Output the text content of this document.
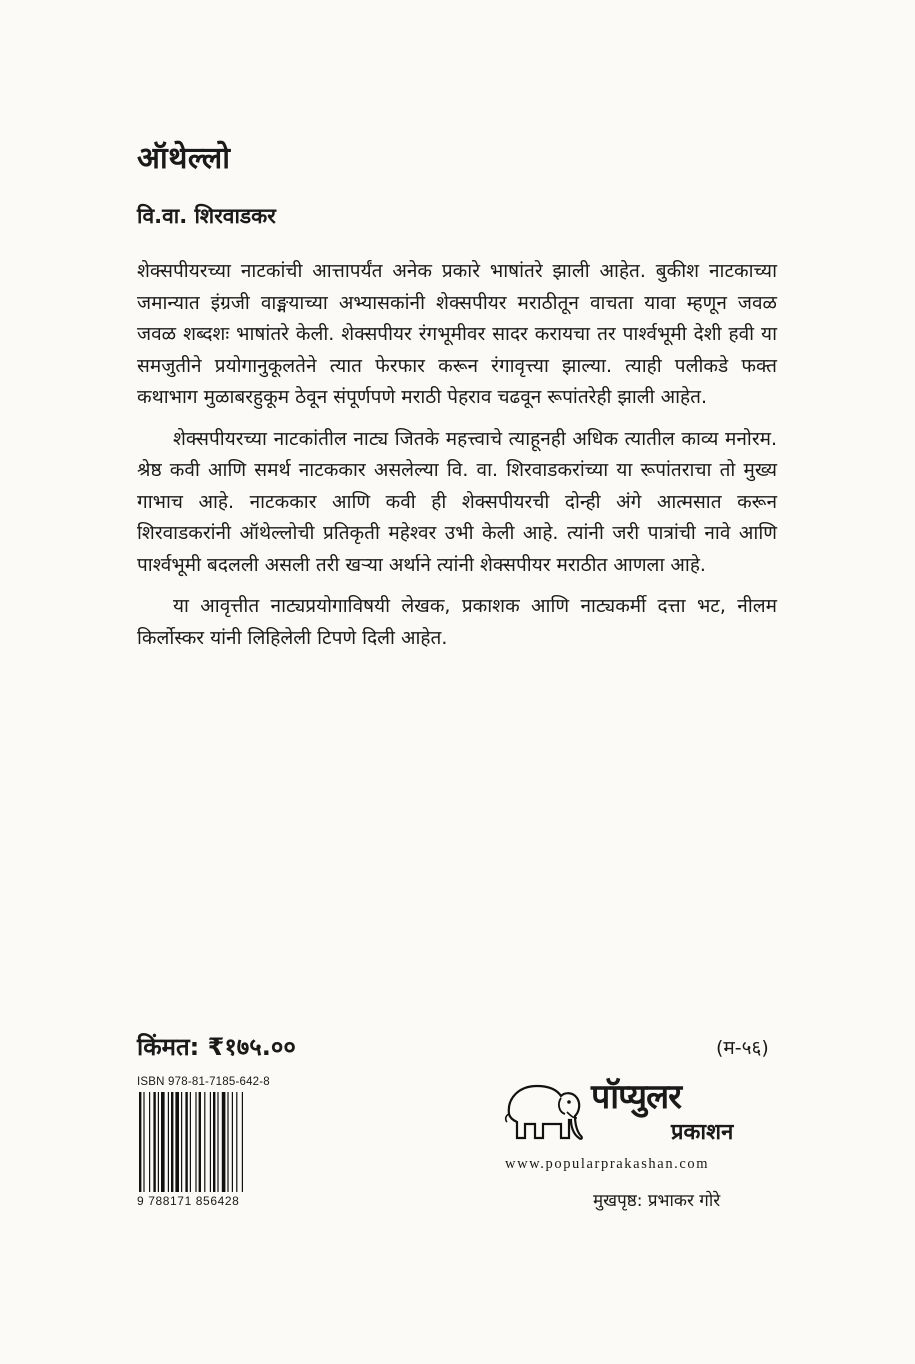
ऑथेल्लो
वि.वा. शिरवाडकर

शेक्सपीयरच्या नाटकांची आत्तापर्यंत अनेक प्रकारे भाषांतरे झाली आहेत. बुकीश नाटकाच्या जमान्यात इंग्रजी वाङ्मयाच्या अभ्यासकांनी शेक्सपीयर मराठीतून वाचता यावा म्हणून जवळ जवळ शब्दशः भाषांतरे केली. शेक्सपीयर रंगभूमीवर सादर करायचा तर पार्श्वभूमी देशी हवी या समजुतीने प्रयोगानुकूलतेने त्यात फेरफार करून रंगावृत्त्या झाल्या. त्याही पलीकडे फक्त कथाभाग मुळाबरहुकूम ठेवून संपूर्णपणे मराठी पेहराव चढवून रूपांतरेही झाली आहेत.

शेक्सपीयरच्या नाटकांतील नाट्य जितके महत्त्वाचे त्याहूनही अधिक त्यातील काव्य मनोरम. श्रेष्ठ कवी आणि समर्थ नाटककार असलेल्या वि. वा. शिरवाडकरांच्या या रूपांतराचा तो मुख्य गाभाच आहे. नाटककार आणि कवी ही शेक्सपीयरची दोन्ही अंगे आत्मसात करून शिरवाडकरांनी ऑथेल्लोची प्रतिकृती महेश्वर उभी केली आहे. त्यांनी जरी पात्रांची नावे आणि पार्श्वभूमी बदलली असली तरी खऱ्या अर्थाने त्यांनी शेक्सपीयर मराठीत आणला आहे.

या आवृत्तीत नाट्यप्रयोगाविषयी लेखक, प्रकाशक आणि नाट्यकर्मी दत्ता भट, नीलम किर्लोस्कर यांनी लिहिलेली टिपणे दिली आहेत.

किंमत: ₹१७५.००	(म-५६)
ISBN 978-81-7185-642-8
9 788171 856428
पॉप्युलर
प्रकाशन
www.popularprakashan.com
मुखपृष्ठ: प्रभाकर गोरे
